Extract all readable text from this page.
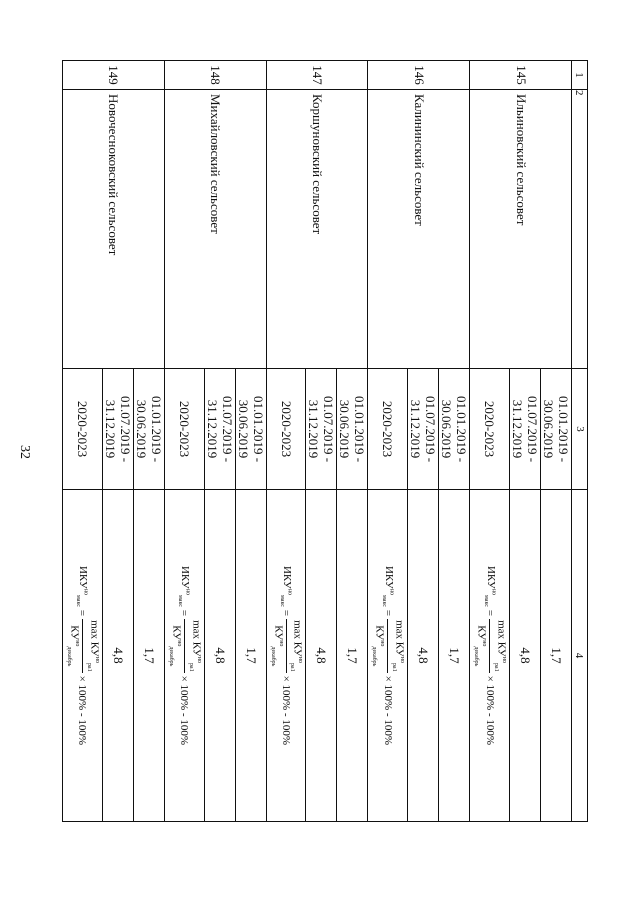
32
1	2	3	4
145	Ильиновский сельсовет	01.01.2019 - 30.06.2019	1,7
		01.07.2019 - 31.12.2019	4,8
		2020-2023	$ИКУ^{но}_{макс}$
=
$\max КУ^{но}_{pa1}$
$КУ^{но}_{декабрь}$
× 100% - 100%

146	Калининский сельсовет	01.01.2019 - 30.06.2019	1,7
		01.07.2019 - 31.12.2019	4,8
		2020-2023	$ИКУ^{но}_{макс}$
=
$\max КУ^{но}_{pa1}$
$КУ^{но}_{декабрь}$
× 100% - 100%

147	Коршуновский сельсовет	01.01.2019 - 30.06.2019	1,7
		01.07.2019 - 31.12.2019	4,8
		2020-2023	$ИКУ^{но}_{макс}$
=
$\max КУ^{но}_{pa1}$
$КУ^{но}_{декабрь}$
× 100% - 100%

148	Михайловский сельсовет	01.01.2019 - 30.06.2019	1,7
		01.07.2019 - 31.12.2019	4,8
		2020-2023	$ИКУ^{но}_{макс}$
=
$\max КУ^{но}_{pa1}$
$КУ^{но}_{декабрь}$
× 100% - 100%

149	Новочесноковский сельсовет	01.01.2019 - 30.06.2019	1,7
		01.07.2019 - 31.12.2019	4,8
		2020-2023	$ИКУ^{но}_{макс}$
=
$\max КУ^{но}_{pa1}$
$КУ^{но}_{декабрь}$
× 100% - 100%
